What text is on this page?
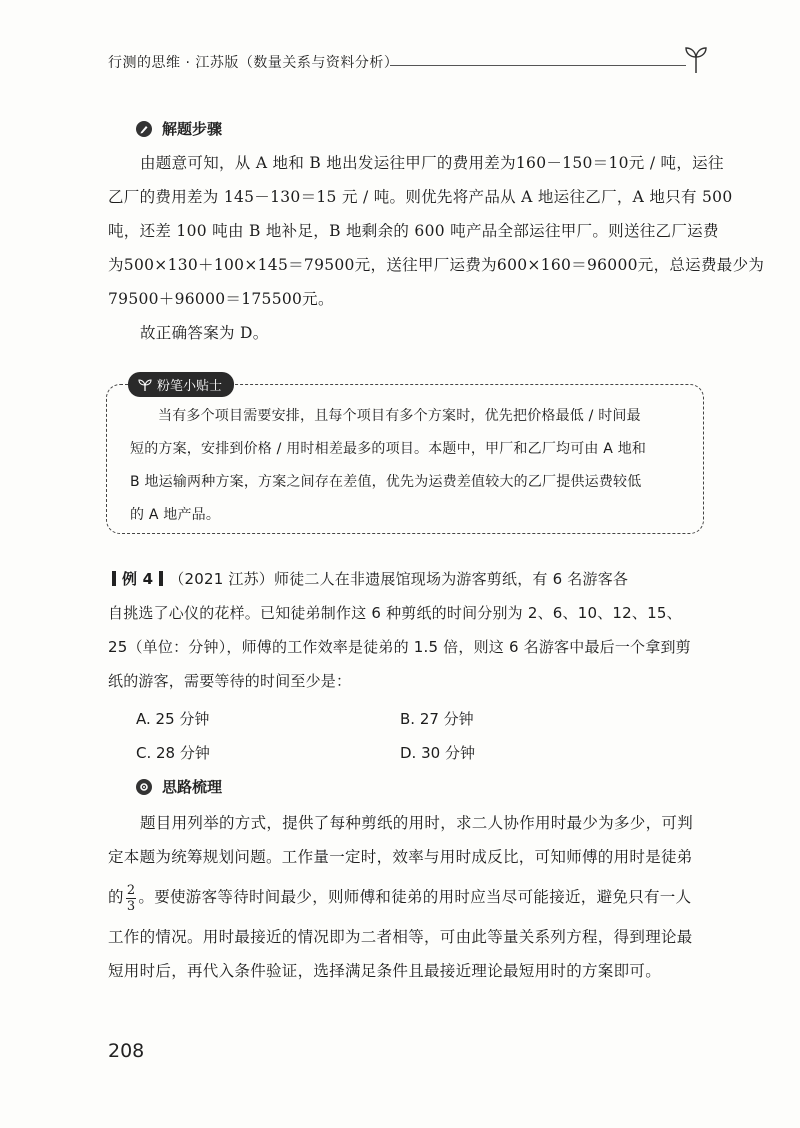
行测的思维 · 江苏版（数量关系与资料分析）
解题步骤
由题意可知，从 A 地和 B 地出发运往甲厂的费用差为160－150＝10元 / 吨，运往
乙厂的费用差为 145－130＝15 元 / 吨。则优先将产品从 A 地运往乙厂，A 地只有 500
吨，还差 100 吨由 B 地补足，B 地剩余的 600 吨产品全部运往甲厂。则送往乙厂运费
为500×130＋100×145＝79500元，送往甲厂运费为600×160＝96000元，总运费最少为
79500＋96000＝175500元。
故正确答案为 D。
粉笔小贴士
当有多个项目需要安排，且每个项目有多个方案时，优先把价格最低 / 时间最
短的方案，安排到价格 / 用时相差最多的项目。本题中，甲厂和乙厂均可由 A 地和
B 地运输两种方案，方案之间存在差值，优先为运费差值较大的乙厂提供运费较低
的 A 地产品。
例 4 （2021 江苏）师徒二人在非遗展馆现场为游客剪纸，有 6 名游客各
自挑选了心仪的花样。已知徒弟制作这 6 种剪纸的时间分别为 2、6、10、12、15、
25（单位：分钟），师傅的工作效率是徒弟的 1.5 倍，则这 6 名游客中最后一个拿到剪
纸的游客，需要等待的时间至少是：
A. 25 分钟	B. 27 分钟
C. 28 分钟	D. 30 分钟
思路梳理
题目用列举的方式，提供了每种剪纸的用时，求二人协作用时最少为多少，可判
定本题为统筹规划问题。工作量一定时，效率与用时成反比，可知师傅的用时是徒弟
的 $\frac{2}{3}$ 。要使游客等待时间最少，则师傅和徒弟的用时应当尽可能接近，避免只有一人
工作的情况。用时最接近的情况即为二者相等，可由此等量关系列方程，得到理论最
短用时后，再代入条件验证，选择满足条件且最接近理论最短用时的方案即可。
208
